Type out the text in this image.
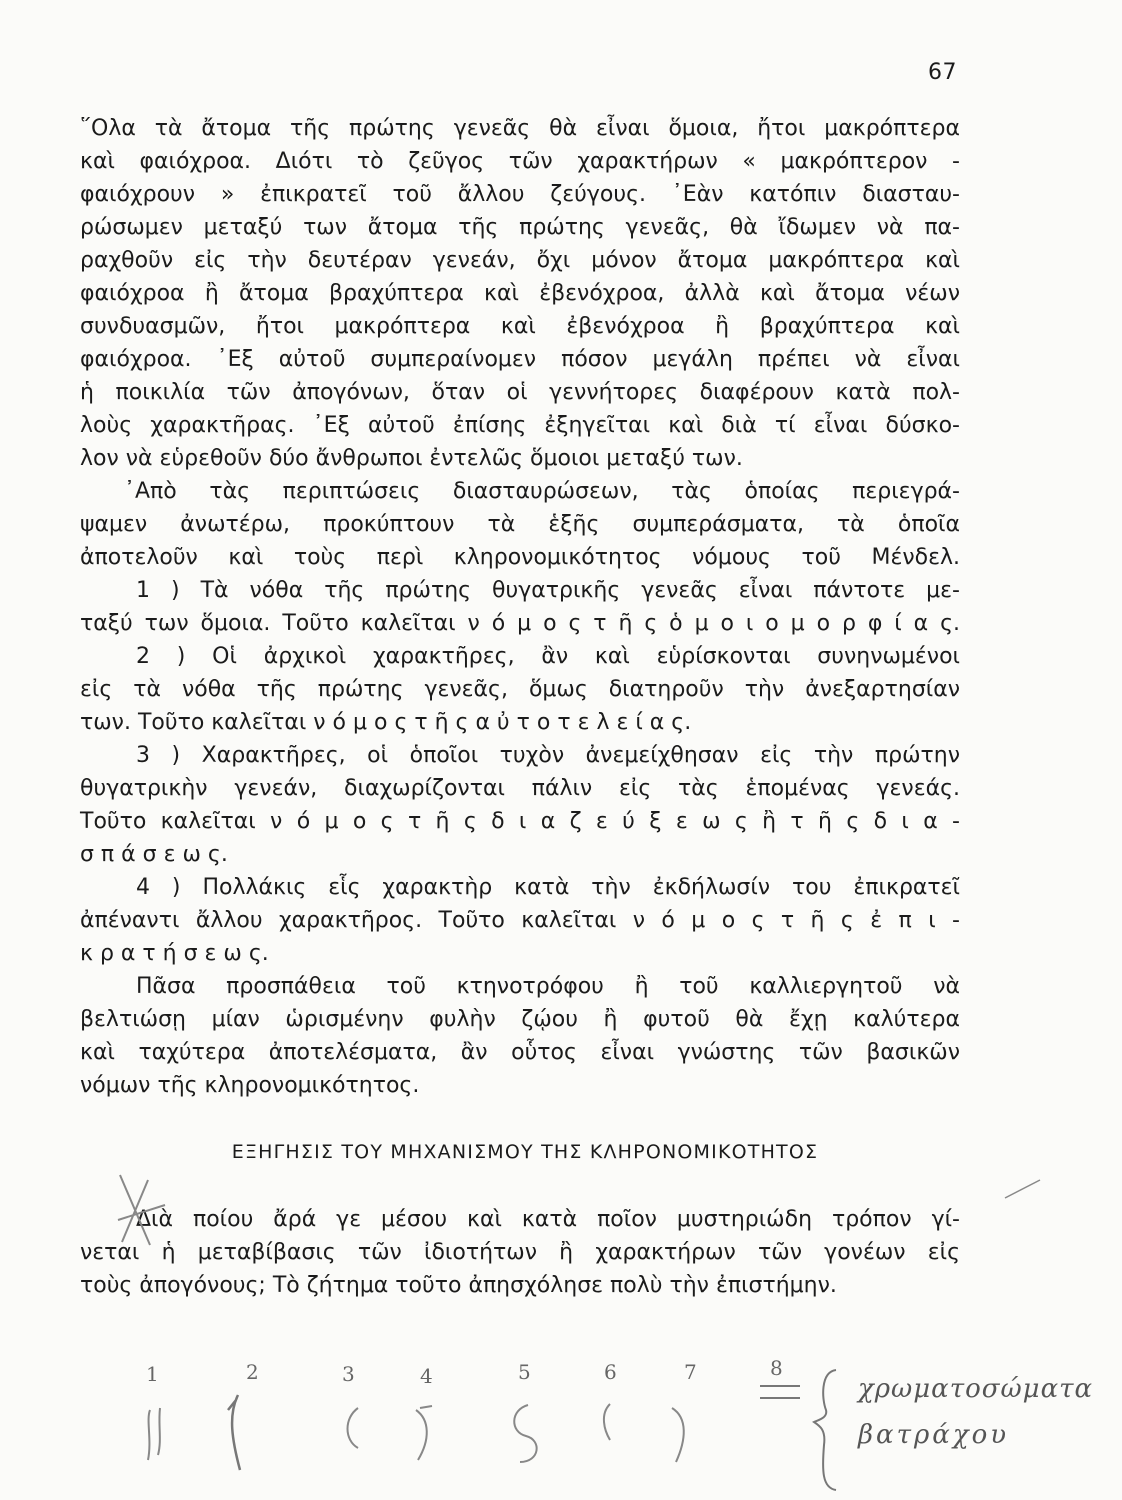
67
῞Ολα τὰ ἄτομα τῆς πρώτης γενεᾶς θὰ εἶναι ὅμοια, ἤτοι μακρόπτερα
καὶ φαιόχροα. Διότι τὸ ζεῦγος τῶν χαρακτήρων « μακρόπτερον -
φαιόχρουν » ἐπικρατεῖ τοῦ ἄλλου ζεύγους. ᾿Εὰν κατόπιν διασταυ-
ρώσωμεν μεταξύ των ἄτομα τῆς πρώτης γενεᾶς, θὰ ἴδωμεν νὰ πα-
ραχθοῦν εἰς τὴν δευτέραν γενεάν, ὄχι μόνον ἄτομα μακρόπτερα καὶ
φαιόχροα ἢ ἄτομα βραχύπτερα καὶ ἐβενόχροα, ἀλλὰ καὶ ἄτομα νέων
συνδυασμῶν, ἤτοι μακρόπτερα καὶ ἐβενόχροα ἢ βραχύπτερα καὶ
φαιόχροα. ᾿Εξ αὐτοῦ συμπεραίνομεν πόσον μεγάλη πρέπει νὰ εἶναι
ἡ ποικιλία τῶν ἀπογόνων, ὅταν οἱ γεννήτορες διαφέρουν κατὰ πολ-
λοὺς χαρακτῆρας. ᾿Εξ αὐτοῦ ἐπίσης ἐξηγεῖται καὶ διὰ τί εἶναι δύσκο-
λον νὰ εὑρεθοῦν δύο ἄνθρωποι ἐντελῶς ὅμοιοι μεταξύ των.
᾿Απὸ τὰς περιπτώσεις διασταυρώσεων, τὰς ὁποίας περιεγρά-
ψαμεν ἀνωτέρω, προκύπτουν τὰ ἑξῆς συμπεράσματα, τὰ ὁποῖα
ἀποτελοῦν καὶ τοὺς περὶ κληρονομικότητος νόμους τοῦ Μένδελ.
1 ) Τὰ νόθα τῆς πρώτης θυγατρικῆς γενεᾶς εἶναι πάντοτε με-
ταξύ των ὅμοια. Τοῦτο καλεῖται ν ό μ ο ς τ ῆ ς ὁ μ ο ι ο μ ο ρ φ ί α ς.
2 ) Οἱ ἀρχικοὶ χαρακτῆρες, ἂν καὶ εὑρίσκονται συνηνωμένοι
εἰς τὰ νόθα τῆς πρώτης γενεᾶς, ὅμως διατηροῦν τὴν ἀνεξαρτησίαν
των. Τοῦτο καλεῖται ν ό μ ο ς τ ῆ ς α ὐ τ ο τ ε λ ε ί α ς.
3 ) Χαρακτῆρες, οἱ ὁποῖοι τυχὸν ἀνεμείχθησαν εἰς τὴν πρώτην
θυγατρικὴν γενεάν, διαχωρίζονται πάλιν εἰς τὰς ἑπομένας γενεάς.
Τοῦτο καλεῖται ν ό μ ο ς τ ῆ ς δ ι α ζ ε ύ ξ ε ω ς ἢ τ ῆ ς δ ι α -
σ π ά σ ε ω ς.
4 ) Πολλάκις εἷς χαρακτὴρ κατὰ τὴν ἐκδήλωσίν του ἐπικρατεῖ
ἀπέναντι ἄλλου χαρακτῆρος. Τοῦτο καλεῖται ν ό μ ο ς τ ῆ ς ἐ π ι -
κ ρ α τ ή σ ε ω ς.
Πᾶσα προσπάθεια τοῦ κτηνοτρόφου ἢ τοῦ καλλιεργητοῦ νὰ
βελτιώσῃ μίαν ὡρισμένην φυλὴν ζῴου ἢ φυτοῦ θὰ ἔχῃ καλύτερα
καὶ ταχύτερα ἀποτελέσματα, ἂν οὗτος εἶναι γνώστης τῶν βασικῶν
νόμων τῆς κληρονομικότητος.
ΕΞΗΓΗΣΙΣ ΤΟΥ ΜΗΧΑΝΙΣΜΟΥ ΤΗΣ ΚΛΗΡΟΝΟΜΙΚΟΤΗΤΟΣ
Διὰ ποίου ἄρά γε μέσου καὶ κατὰ ποῖον μυστηριώδη τρόπον γί-
νεται ἡ μεταβίβασις τῶν ἰδιοτήτων ἢ χαρακτήρων τῶν γονέων εἰς
τοὺς ἀπογόνους; Τὸ ζήτημα τοῦτο ἀπησχόλησε πολὺ τὴν ἐπιστήμην.
1	2	3	4	5	6	7	8
χρωματοσώματα
βατράχου
